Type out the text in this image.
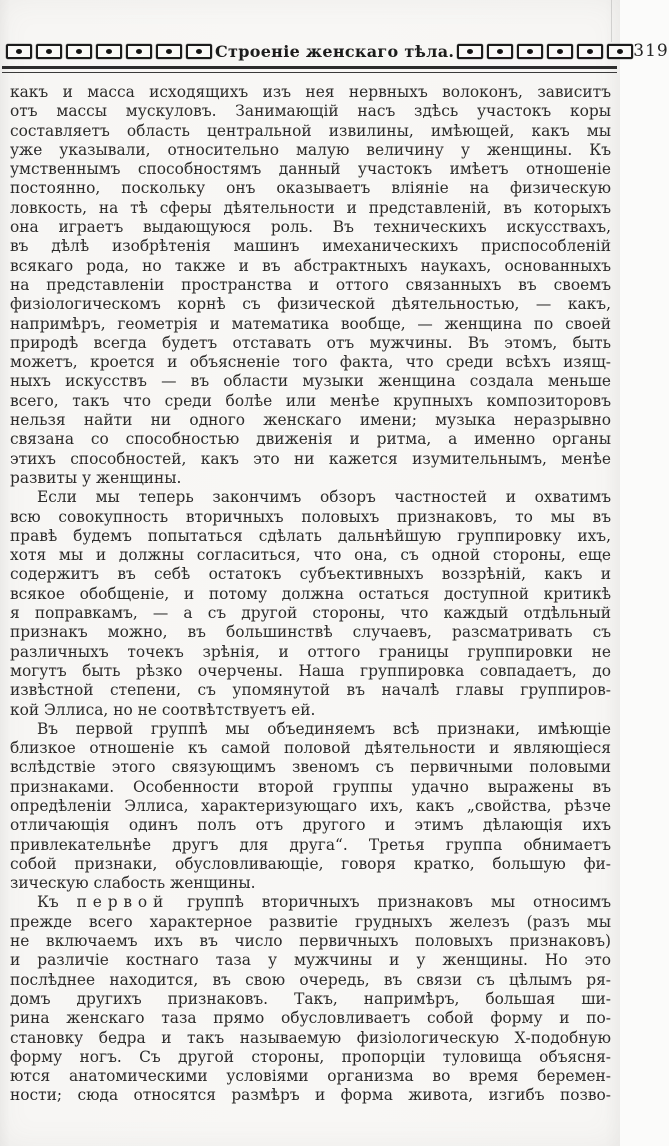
Строеніе женскаго тѣла.	319
какъ и масса исходящихъ изъ нея нервныхъ волоконъ, зависитъ
отъ массы мускуловъ. Занимающій насъ здѣсь участокъ коры
составляетъ область центральной извилины, имѣющей, какъ мы
уже указывали, относительно малую величину у женщины. Къ
умственнымъ способностямъ данный участокъ имѣетъ отношеніе
постоянно, поскольку онъ оказываетъ вліяніе на физическую
ловкость, на тѣ сферы дѣятельности и представленій, въ которыхъ
она играетъ выдающуюся роль. Въ техническихъ искусствахъ,
въ дѣлѣ изобрѣтенія машинъ имеханическихъ приспособленій
всякаго рода, но также и въ абстрактныхъ наукахъ, основанныхъ
на представленіи пространства и оттого связанныхъ въ своемъ
физіологическомъ корнѣ съ физической дѣятельностью, — какъ,
напримѣръ, геометрія и математика вообще, — женщина по своей
природѣ всегда будетъ отставать отъ мужчины. Въ этомъ, быть
можетъ, кроется и объясненіе того факта, что среди всѣхъ изящ-
ныхъ искусствъ — въ области музыки женщина создала меньше
всего, такъ что среди болѣе или менѣе крупныхъ композиторовъ
нельзя найти ни одного женскаго имени; музыка неразрывно
связана со способностью движенія и ритма, а именно органы
этихъ способностей, какъ это ни кажется изумительнымъ, менѣе
развиты у женщины.
Если мы теперь закончимъ обзоръ частностей и охватимъ
всю совокупность вторичныхъ половыхъ признаковъ, то мы въ
правѣ будемъ попытаться сдѣлать дальнѣйшую группировку ихъ,
хотя мы и должны согласиться, что она, съ одной стороны, еще
содержитъ въ себѣ остатокъ субъективныхъ воззрѣній, какъ и
всякое обобщеніе, и потому должна остаться доступной критикѣ
я поправкамъ, — а съ другой стороны, что каждый отдѣльный
признакъ можно, въ большинствѣ случаевъ, разсматривать съ
различныхъ точекъ зрѣнія, и оттого границы группировки не
могутъ быть рѣзко очерчены. Наша группировка совпадаетъ, до
извѣстной степени, съ упомянутой въ началѣ главы группиров-
кой Эллиса, но не соотвѣтствуетъ ей.
Въ первой группѣ мы объединяемъ всѣ признаки, имѣющіе
близкое отношеніе къ самой половой дѣятельности и являющіеся
вслѣдствіе этого связующимъ звеномъ съ первичными половыми
признаками. Особенности второй группы удачно выражены въ
опредѣленіи Эллиса, характеризующаго ихъ, какъ „свойства, рѣзче
отличающія одинъ полъ отъ другого и этимъ дѣлающія ихъ
привлекательнѣе другъ для друга“. Третья группа обнимаетъ
собой признаки, обусловливающіе, говоря кратко, большую фи-
зическую слабость женщины.
Къ первой группѣ вторичныхъ признаковъ мы относимъ
прежде всего характерное развитіе грудныхъ железъ (разъ мы
не включаемъ ихъ въ число первичныхъ половыхъ признаковъ)
и различіе костнаго таза у мужчины и у женщины. Но это
послѣднее находится, въ свою очередь, въ связи съ цѣлымъ ря-
домъ другихъ признаковъ. Такъ, напримѣръ, большая ши-
рина женскаго таза прямо обусловливаетъ собой форму и по-
становку бедра и такъ называемую физіологическую Х-подобную
форму ногъ. Съ другой стороны, пропорціи туловища объясня-
ются анатомическими условіями организма во время беремен-
ности; сюда относятся размѣръ и форма живота, изгибъ позво-
